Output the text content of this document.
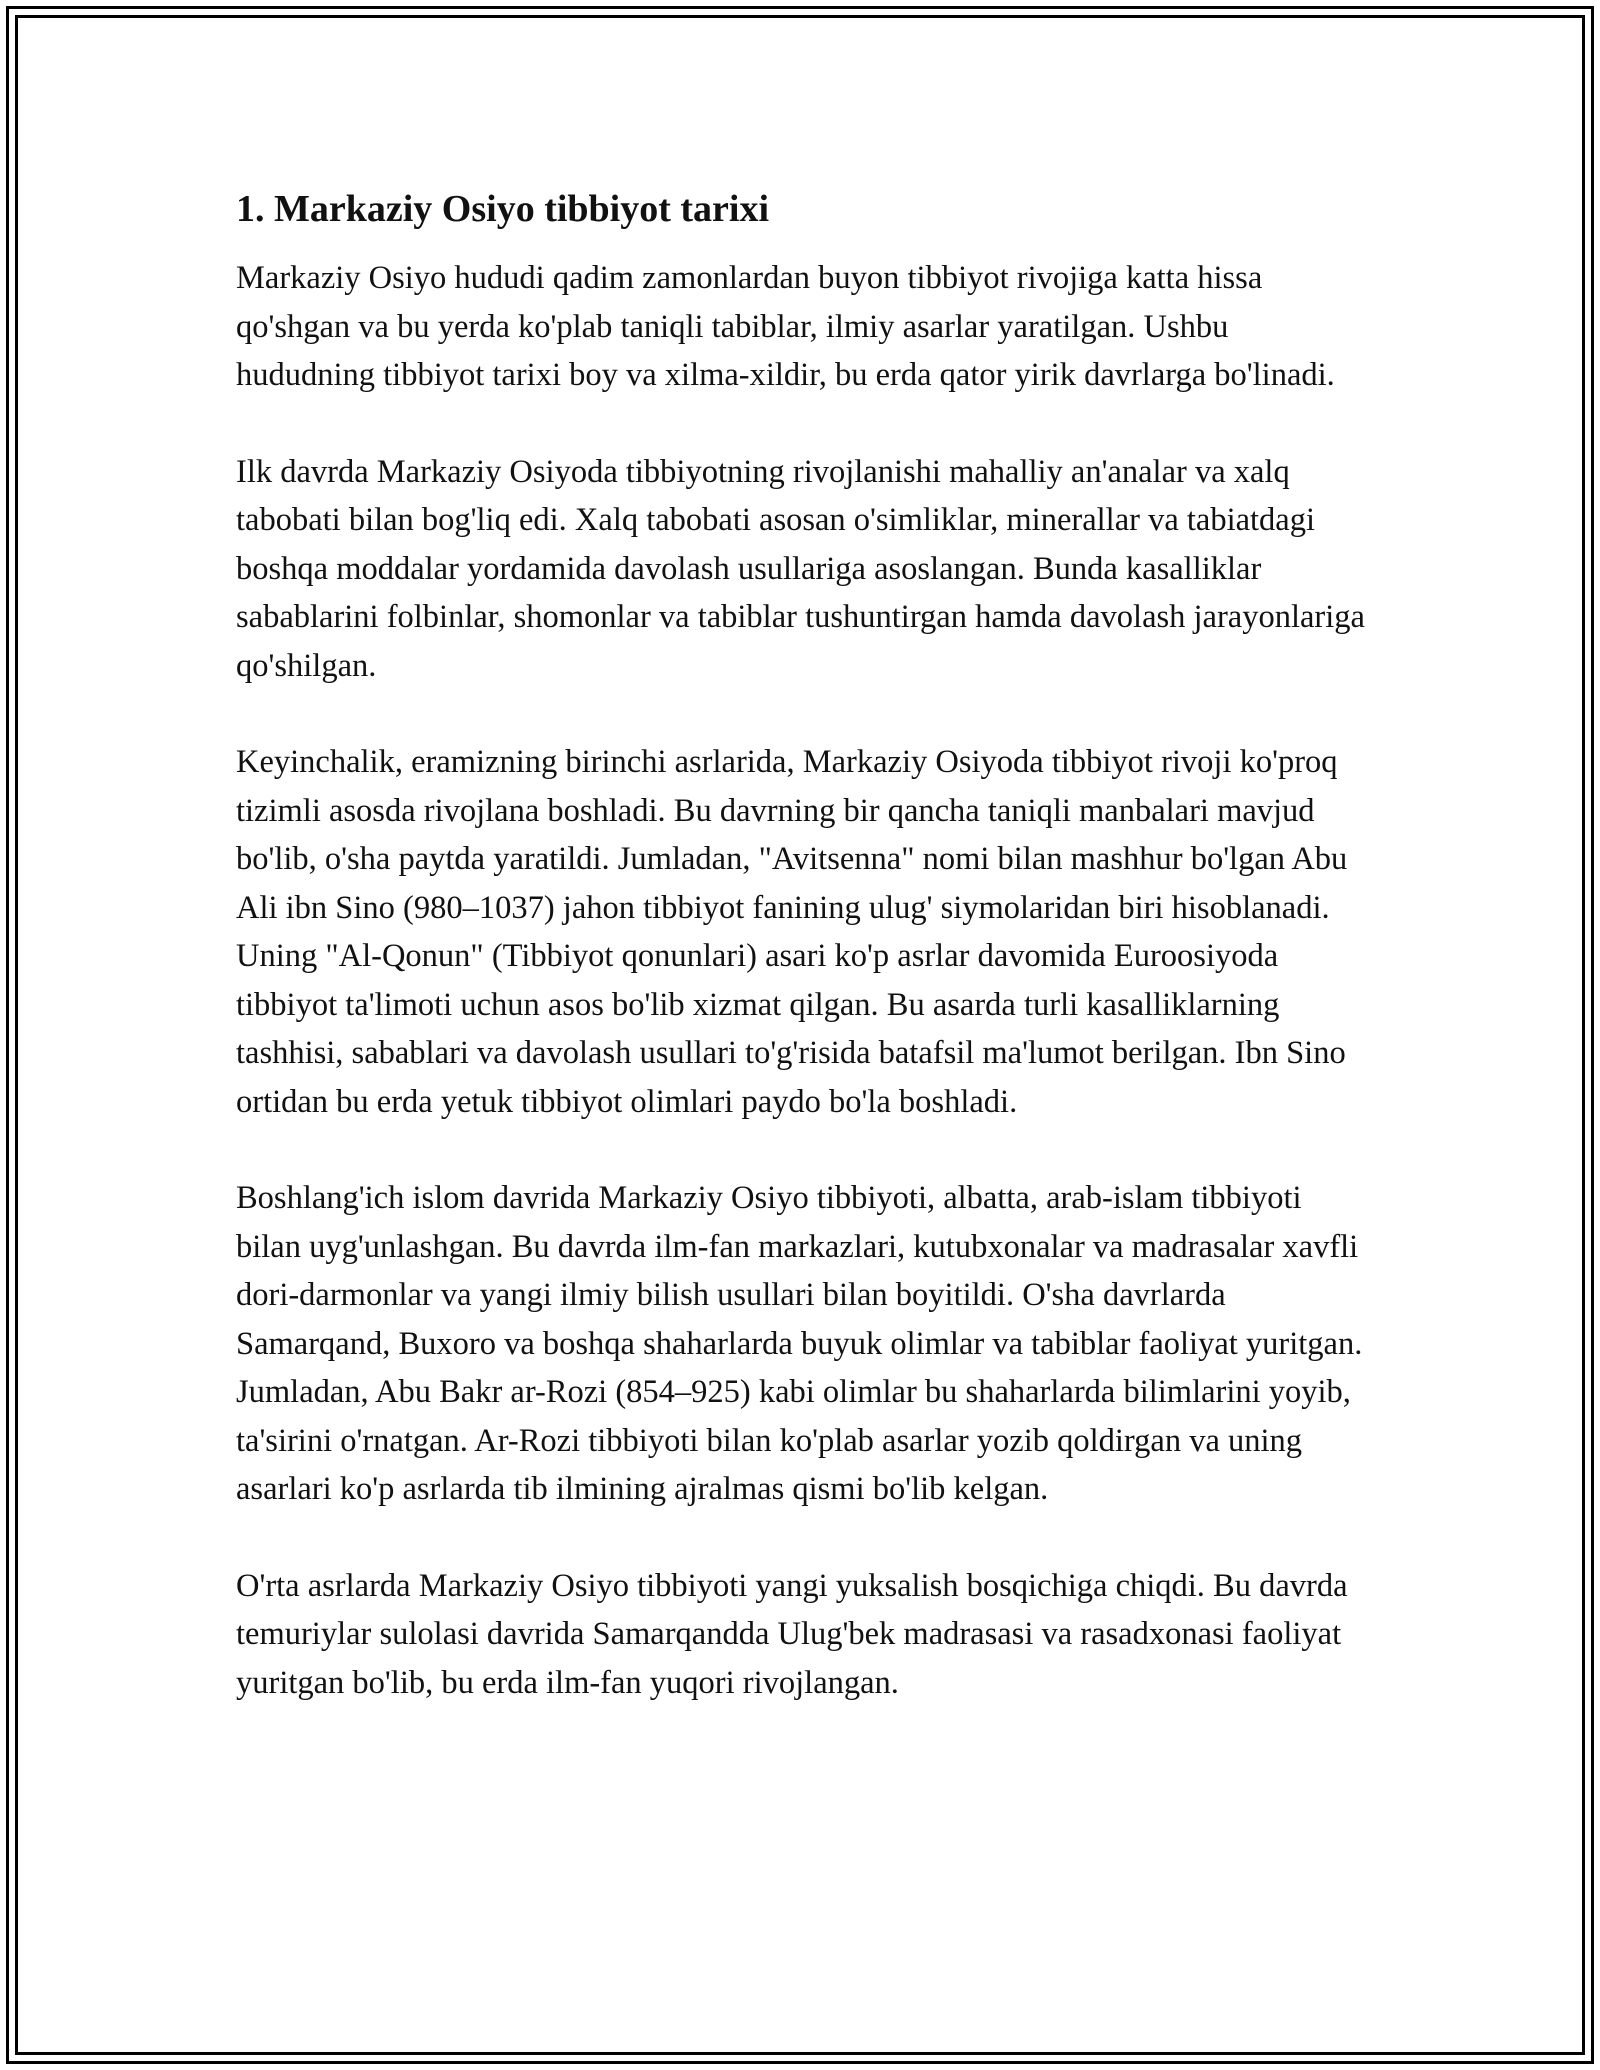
1. Markaziy Osiyo tibbiyot tarixi

Markaziy Osiyo hududi qadim zamonlardan buyon tibbiyot rivojiga katta hissa qo'shgan va bu yerda ko'plab taniqli tabiblar, ilmiy asarlar yaratilgan. Ushbu hududning tibbiyot tarixi boy va xilma-xildir, bu erda qator yirik davrlarga bo'linadi.

Ilk davrda Markaziy Osiyoda tibbiyotning rivojlanishi mahalliy an'analar va xalq tabobati bilan bog'liq edi. Xalq tabobati asosan o'simliklar, minerallar va tabiatdagi boshqa moddalar yordamida davolash usullariga asoslangan. Bunda kasalliklar sabablarini folbinlar, shomonlar va tabiblar tushuntirgan hamda davolash jarayonlariga qo'shilgan.

Keyinchalik, eramizning birinchi asrlarida, Markaziy Osiyoda tibbiyot rivoji ko'proq tizimli asosda rivojlana boshladi. Bu davrning bir qancha taniqli manbalari mavjud bo'lib, o'sha paytda yaratildi. Jumladan, "Avitsenna" nomi bilan mashhur bo'lgan Abu Ali ibn Sino (980–1037) jahon tibbiyot fanining ulug' siymolaridan biri hisoblanadi. Uning "Al-Qonun" (Tibbiyot qonunlari) asari ko'p asrlar davomida Euroosiyoda tibbiyot ta'limoti uchun asos bo'lib xizmat qilgan. Bu asarda turli kasalliklarning tashhisi, sabablari va davolash usullari to'g'risida batafsil ma'lumot berilgan. Ibn Sino ortidan bu erda yetuk tibbiyot olimlari paydo bo'la boshladi.

Boshlang'ich islom davrida Markaziy Osiyo tibbiyoti, albatta, arab-islam tibbiyoti bilan uyg'unlashgan. Bu davrda ilm-fan markazlari, kutubxonalar va madrasalar xavfli dori-darmonlar va yangi ilmiy bilish usullari bilan boyitildi. O'sha davrlarda Samarqand, Buxoro va boshqa shaharlarda buyuk olimlar va tabiblar faoliyat yuritgan. Jumladan, Abu Bakr ar-Rozi (854–925) kabi olimlar bu shaharlarda bilimlarini yoyib, ta'sirini o'rnatgan. Ar-Rozi tibbiyoti bilan ko'plab asarlar yozib qoldirgan va uning asarlari ko'p asrlarda tib ilmining ajralmas qismi bo'lib kelgan.

O'rta asrlarda Markaziy Osiyo tibbiyoti yangi yuksalish bosqichiga chiqdi. Bu davrda temuriylar sulolasi davrida Samarqandda Ulug'bek madrasasi va rasadxonasi faoliyat yuritgan bo'lib, bu erda ilm-fan yuqori rivojlangan.
